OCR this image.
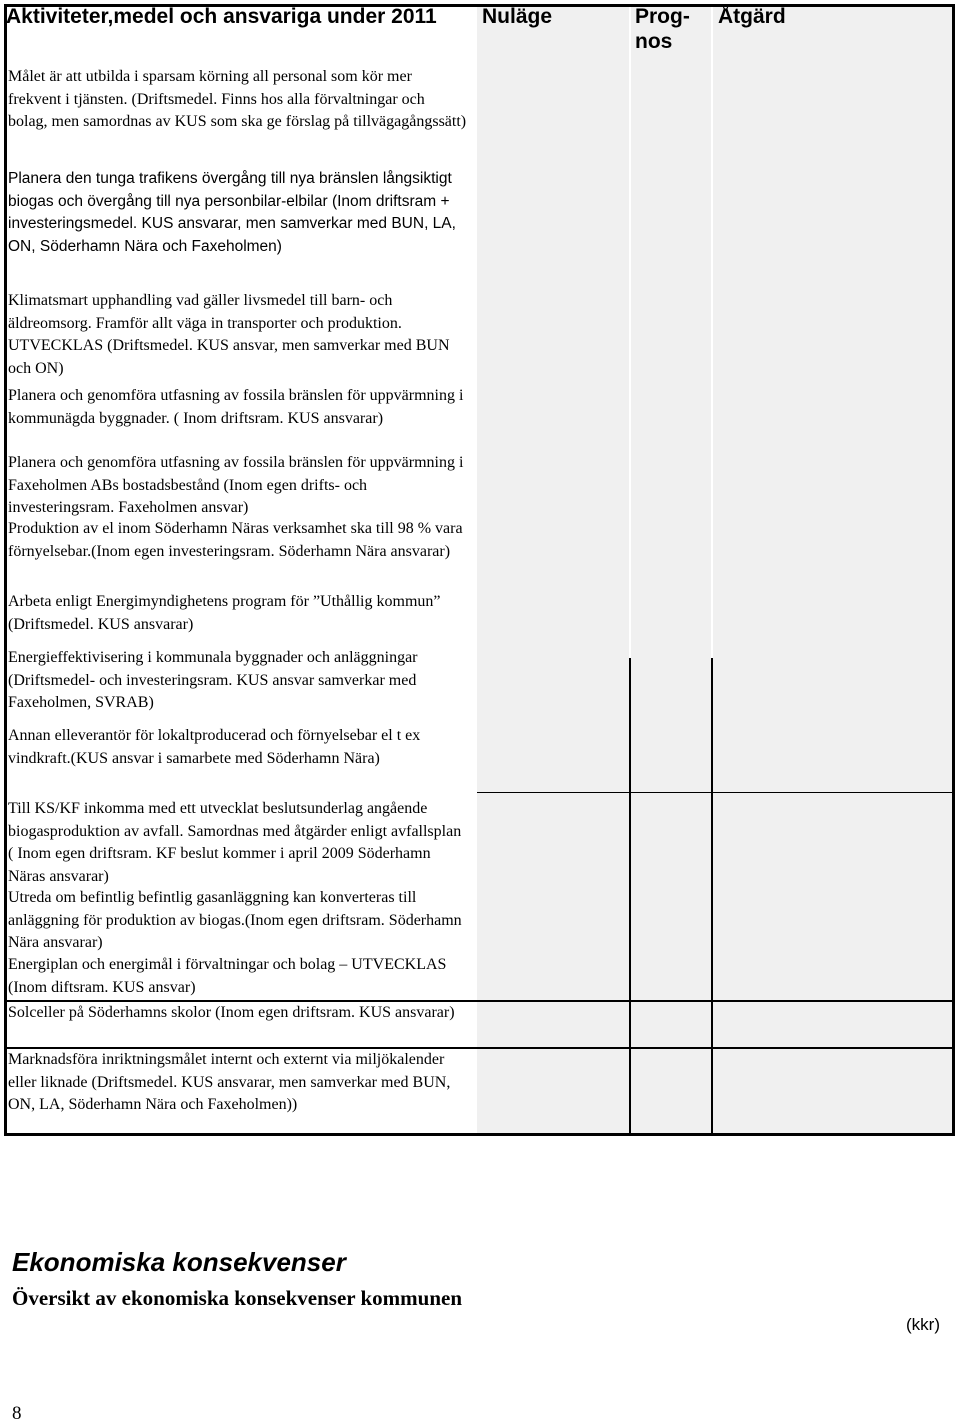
Aktiviteter,medel och ansvariga under 2011	Nuläge	Prog- nos
Åtgärd
Målet är att utbilda i sparsam körning all personal som kör mer frekvent i tjänsten. (Driftsmedel. Finns hos alla förvaltningar och bolag, men samordnas av KUS som ska ge förslag på tillvägagångssätt)
Planera den tunga trafikens övergång till nya bränslen långsiktigt biogas och övergång till nya personbilar-elbilar (Inom driftsram + investeringsmedel. KUS ansvarar, men samverkar med BUN, LA, ON, Söderhamn Nära och Faxeholmen)
Klimatsmart upphandling vad gäller livsmedel till barn- och äldreomsorg. Framför allt väga in transporter och produktion. UTVECKLAS (Driftsmedel. KUS ansvar, men samverkar med BUN och ON)
Planera och genomföra utfasning av fossila bränslen för uppvärmning i kommunägda byggnader. ( Inom driftsram. KUS ansvarar)
Planera och genomföra utfasning av fossila bränslen för uppvärmning i Faxeholmen ABs bostadsbestånd (Inom egen drifts- och investeringsram. Faxeholmen ansvar)
Produktion av el inom Söderhamn Näras verksamhet ska till 98 % vara förnyelsebar.(Inom egen investeringsram. Söderhamn Nära ansvarar)
Arbeta enligt Energimyndighetens program för ”Uthållig kommun” (Driftsmedel. KUS ansvarar)
Energieffektivisering i kommunala byggnader och anläggningar (Driftsmedel- och investeringsram. KUS ansvar samverkar med Faxeholmen, SVRAB)
Annan elleverantör för lokaltproducerad och förnyelsebar el t ex vindkraft.(KUS ansvar i samarbete med Söderhamn Nära)
Till KS/KF inkomma med ett utvecklat beslutsunderlag angående biogasproduktion av avfall. Samordnas med åtgärder enligt avfallsplan ( Inom egen driftsram. KF beslut kommer i april 2009 Söderhamn Näras ansvarar)
Utreda om befintlig befintlig gasanläggning kan konverteras till anläggning för produktion av biogas.(Inom egen driftsram. Söderhamn Nära ansvarar)
Energiplan och energimål i förvaltningar och bolag – UTVECKLAS (Inom diftsram. KUS ansvar)
Solceller på Söderhamns skolor (Inom egen driftsram. KUS ansvarar)
Marknadsföra inriktningsmålet internt och externt via miljökalender eller liknade (Driftsmedel. KUS ansvarar, men samverkar med BUN, ON, LA, Söderhamn Nära och Faxeholmen))
Ekonomiska konsekvenser
Översikt av ekonomiska konsekvenser kommunen
(kkr)
8
